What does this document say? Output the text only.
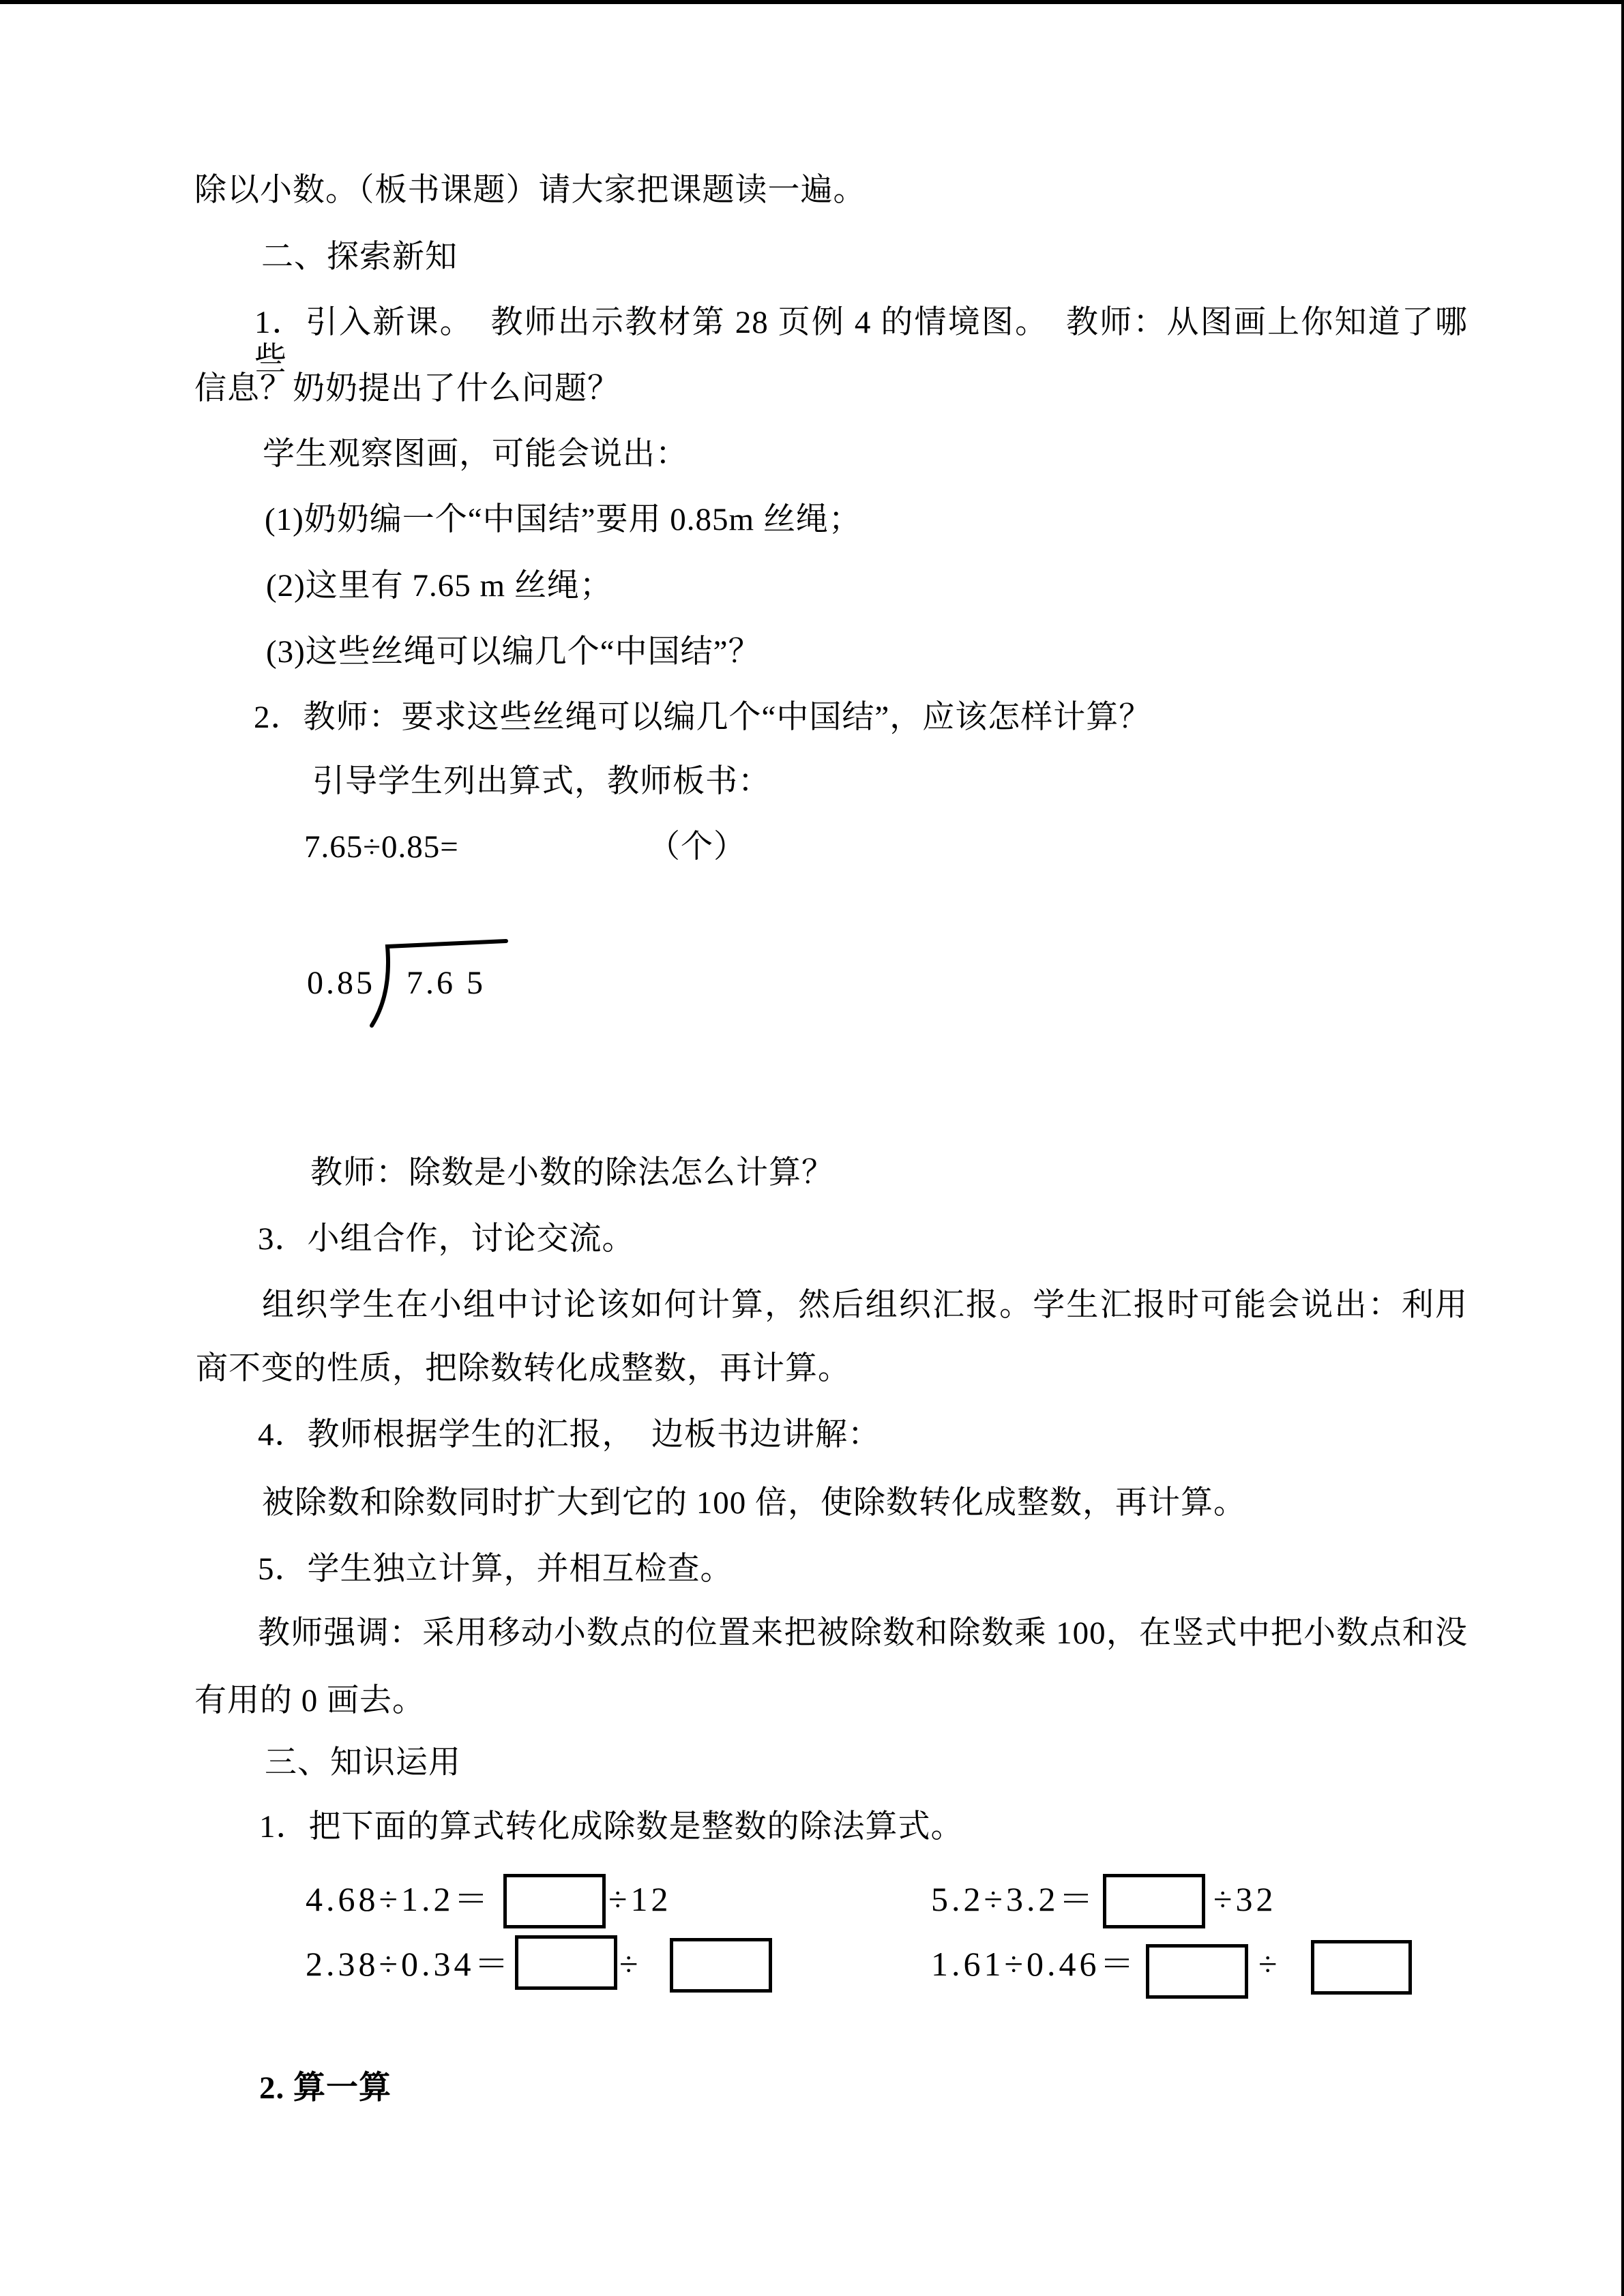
除以小数。（板书课题）请大家把课题读一遍。
二、探索新知
1．引入新课。　教师出示教材第 28 页例 4 的情境图。　教师：从图画上你知道了哪些
信息？奶奶提出了什么问题？
学生观察图画，可能会说出：
(1)奶奶编一个“中国结”要用 0.85m 丝绳；
(2)这里有 7.65 m 丝绳；
(3)这些丝绳可以编几个“中国结”？
2．教师：要求这些丝绳可以编几个“中国结”，应该怎样计算？
引导学生列出算式，教师板书：
7.65÷0.85=	（个）
0.85 7.6 5
教师：除数是小数的除法怎么计算？
3．小组合作，讨论交流。
组织学生在小组中讨论该如何计算，然后组织汇报。学生汇报时可能会说出：利用
商不变的性质，把除数转化成整数，再计算。
4．教师根据学生的汇报，　边板书边讲解：
被除数和除数同时扩大到它的 100 倍，使除数转化成整数，再计算。
5．学生独立计算，并相互检查。
教师强调：采用移动小数点的位置来把被除数和除数乘 100，在竖式中把小数点和没
有用的 0 画去。
三、知识运用
1．把下面的算式转化成除数是整数的除法算式。
4.68÷1.2＝	÷12	5.2÷3.2＝	÷32
2.38÷0.34＝	÷	1.61÷0.46＝	÷
2. 算一算
